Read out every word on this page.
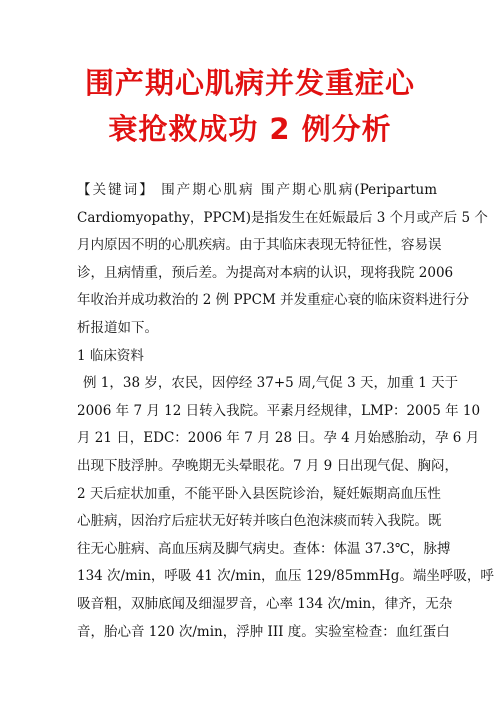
围产期心肌病并发重症心
衰抢救成功 2 例分析
【关键词】 围产期心肌病 围产期心肌病(Peripartum
Cardiomyopathy，PPCM)是指发生在妊娠最后 3 个月或产后 5 个
月内原因不明的心肌疾病。由于其临床表现无特征性，容易误
诊，且病情重，预后差。为提高对本病的认识，现将我院 2006
年收治并成功救治的 2 例 PPCM 并发重症心衰的临床资料进行分
析报道如下。
1 临床资料
例 1，38 岁，农民，因停经 37+5 周,气促 3 天，加重 1 天于
2006 年 7 月 12 日转入我院。平素月经规律，LMP：2005 年 10
月 21 日，EDC：2006 年 7 月 28 日。孕 4 月始感胎动，孕 6 月
出现下肢浮肿。孕晚期无头晕眼花。7 月 9 日出现气促、胸闷，
2 天后症状加重，不能平卧入县医院诊治，疑妊娠期高血压性
心脏病，因治疗后症状无好转并咳白色泡沫痰而转入我院。既
往无心脏病、高血压病及脚气病史。查体：体温 37.3℃，脉搏
134 次/min，呼吸 41 次/min，血压 129/85mmHg。端坐呼吸，呼
吸音粗，双肺底闻及细湿罗音，心率 134 次/min，律齐，无杂
音，胎心音 120 次/min，浮肿 III 度。实验室检查：血红蛋白
